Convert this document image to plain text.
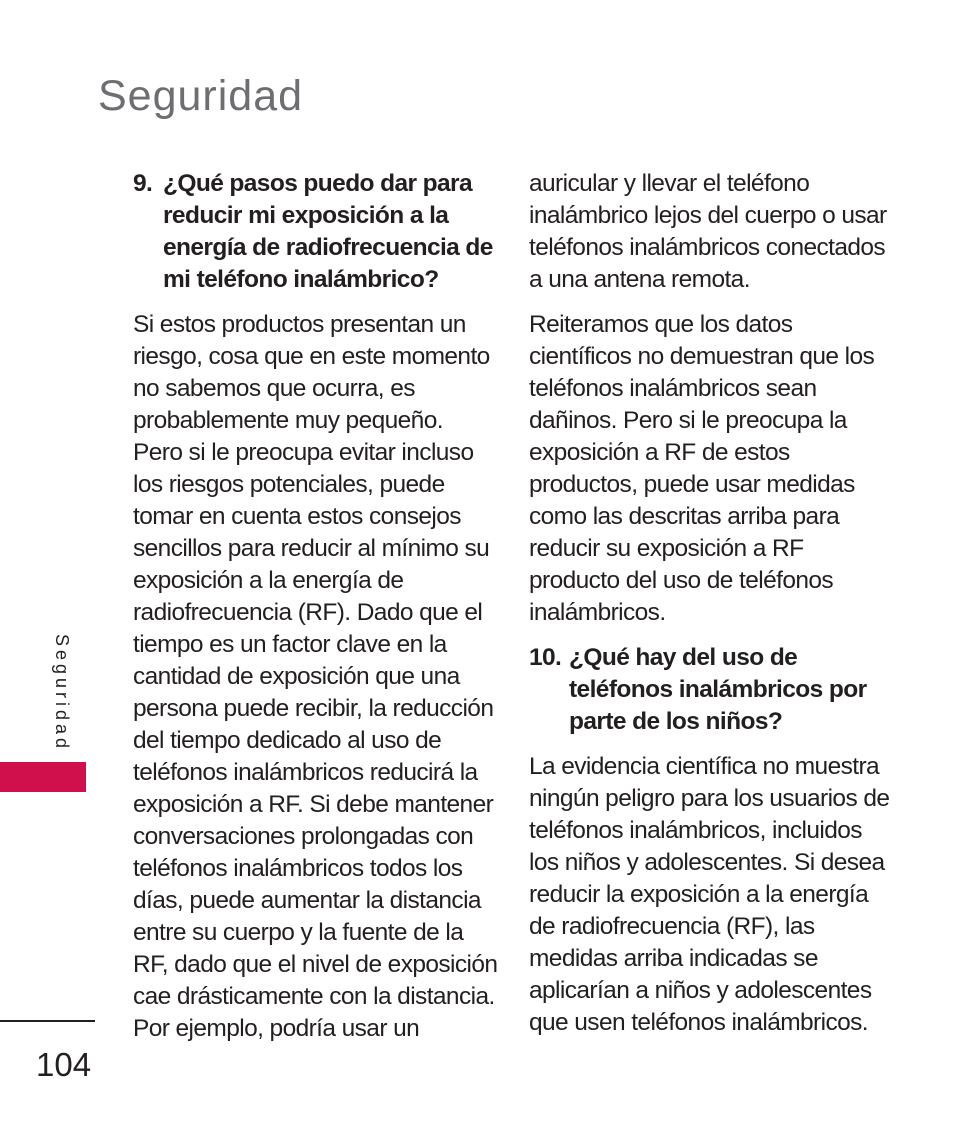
Seguridad
Seguridad
104
9. ¿Qué pasos puedo dar para
reducir mi exposición a la
energía de radiofrecuencia de
mi teléfono inalámbrico?
Si estos productos presentan un
riesgo, cosa que en este momento
no sabemos que ocurra, es
probablemente muy pequeño.
Pero si le preocupa evitar incluso
los riesgos potenciales, puede
tomar en cuenta estos consejos
sencillos para reducir al mínimo su
exposición a la energía de
radiofrecuencia (RF). Dado que el
tiempo es un factor clave en la
cantidad de exposición que una
persona puede recibir, la reducción
del tiempo dedicado al uso de
teléfonos inalámbricos reducirá la
exposición a RF. Si debe mantener
conversaciones prolongadas con
teléfonos inalámbricos todos los
días, puede aumentar la distancia
entre su cuerpo y la fuente de la
RF, dado que el nivel de exposición
cae drásticamente con la distancia.
Por ejemplo, podría usar un
auricular y llevar el teléfono
inalámbrico lejos del cuerpo o usar
teléfonos inalámbricos conectados
a una antena remota.
Reiteramos que los datos
científicos no demuestran que los
teléfonos inalámbricos sean
dañinos. Pero si le preocupa la
exposición a RF de estos
productos, puede usar medidas
como las descritas arriba para
reducir su exposición a RF
producto del uso de teléfonos
inalámbricos.
10. ¿Qué hay del uso de
teléfonos inalámbricos por
parte de los niños?
La evidencia científica no muestra
ningún peligro para los usuarios de
teléfonos inalámbricos, incluidos
los niños y adolescentes. Si desea
reducir la exposición a la energía
de radiofrecuencia (RF), las
medidas arriba indicadas se
aplicarían a niños y adolescentes
que usen teléfonos inalámbricos.
